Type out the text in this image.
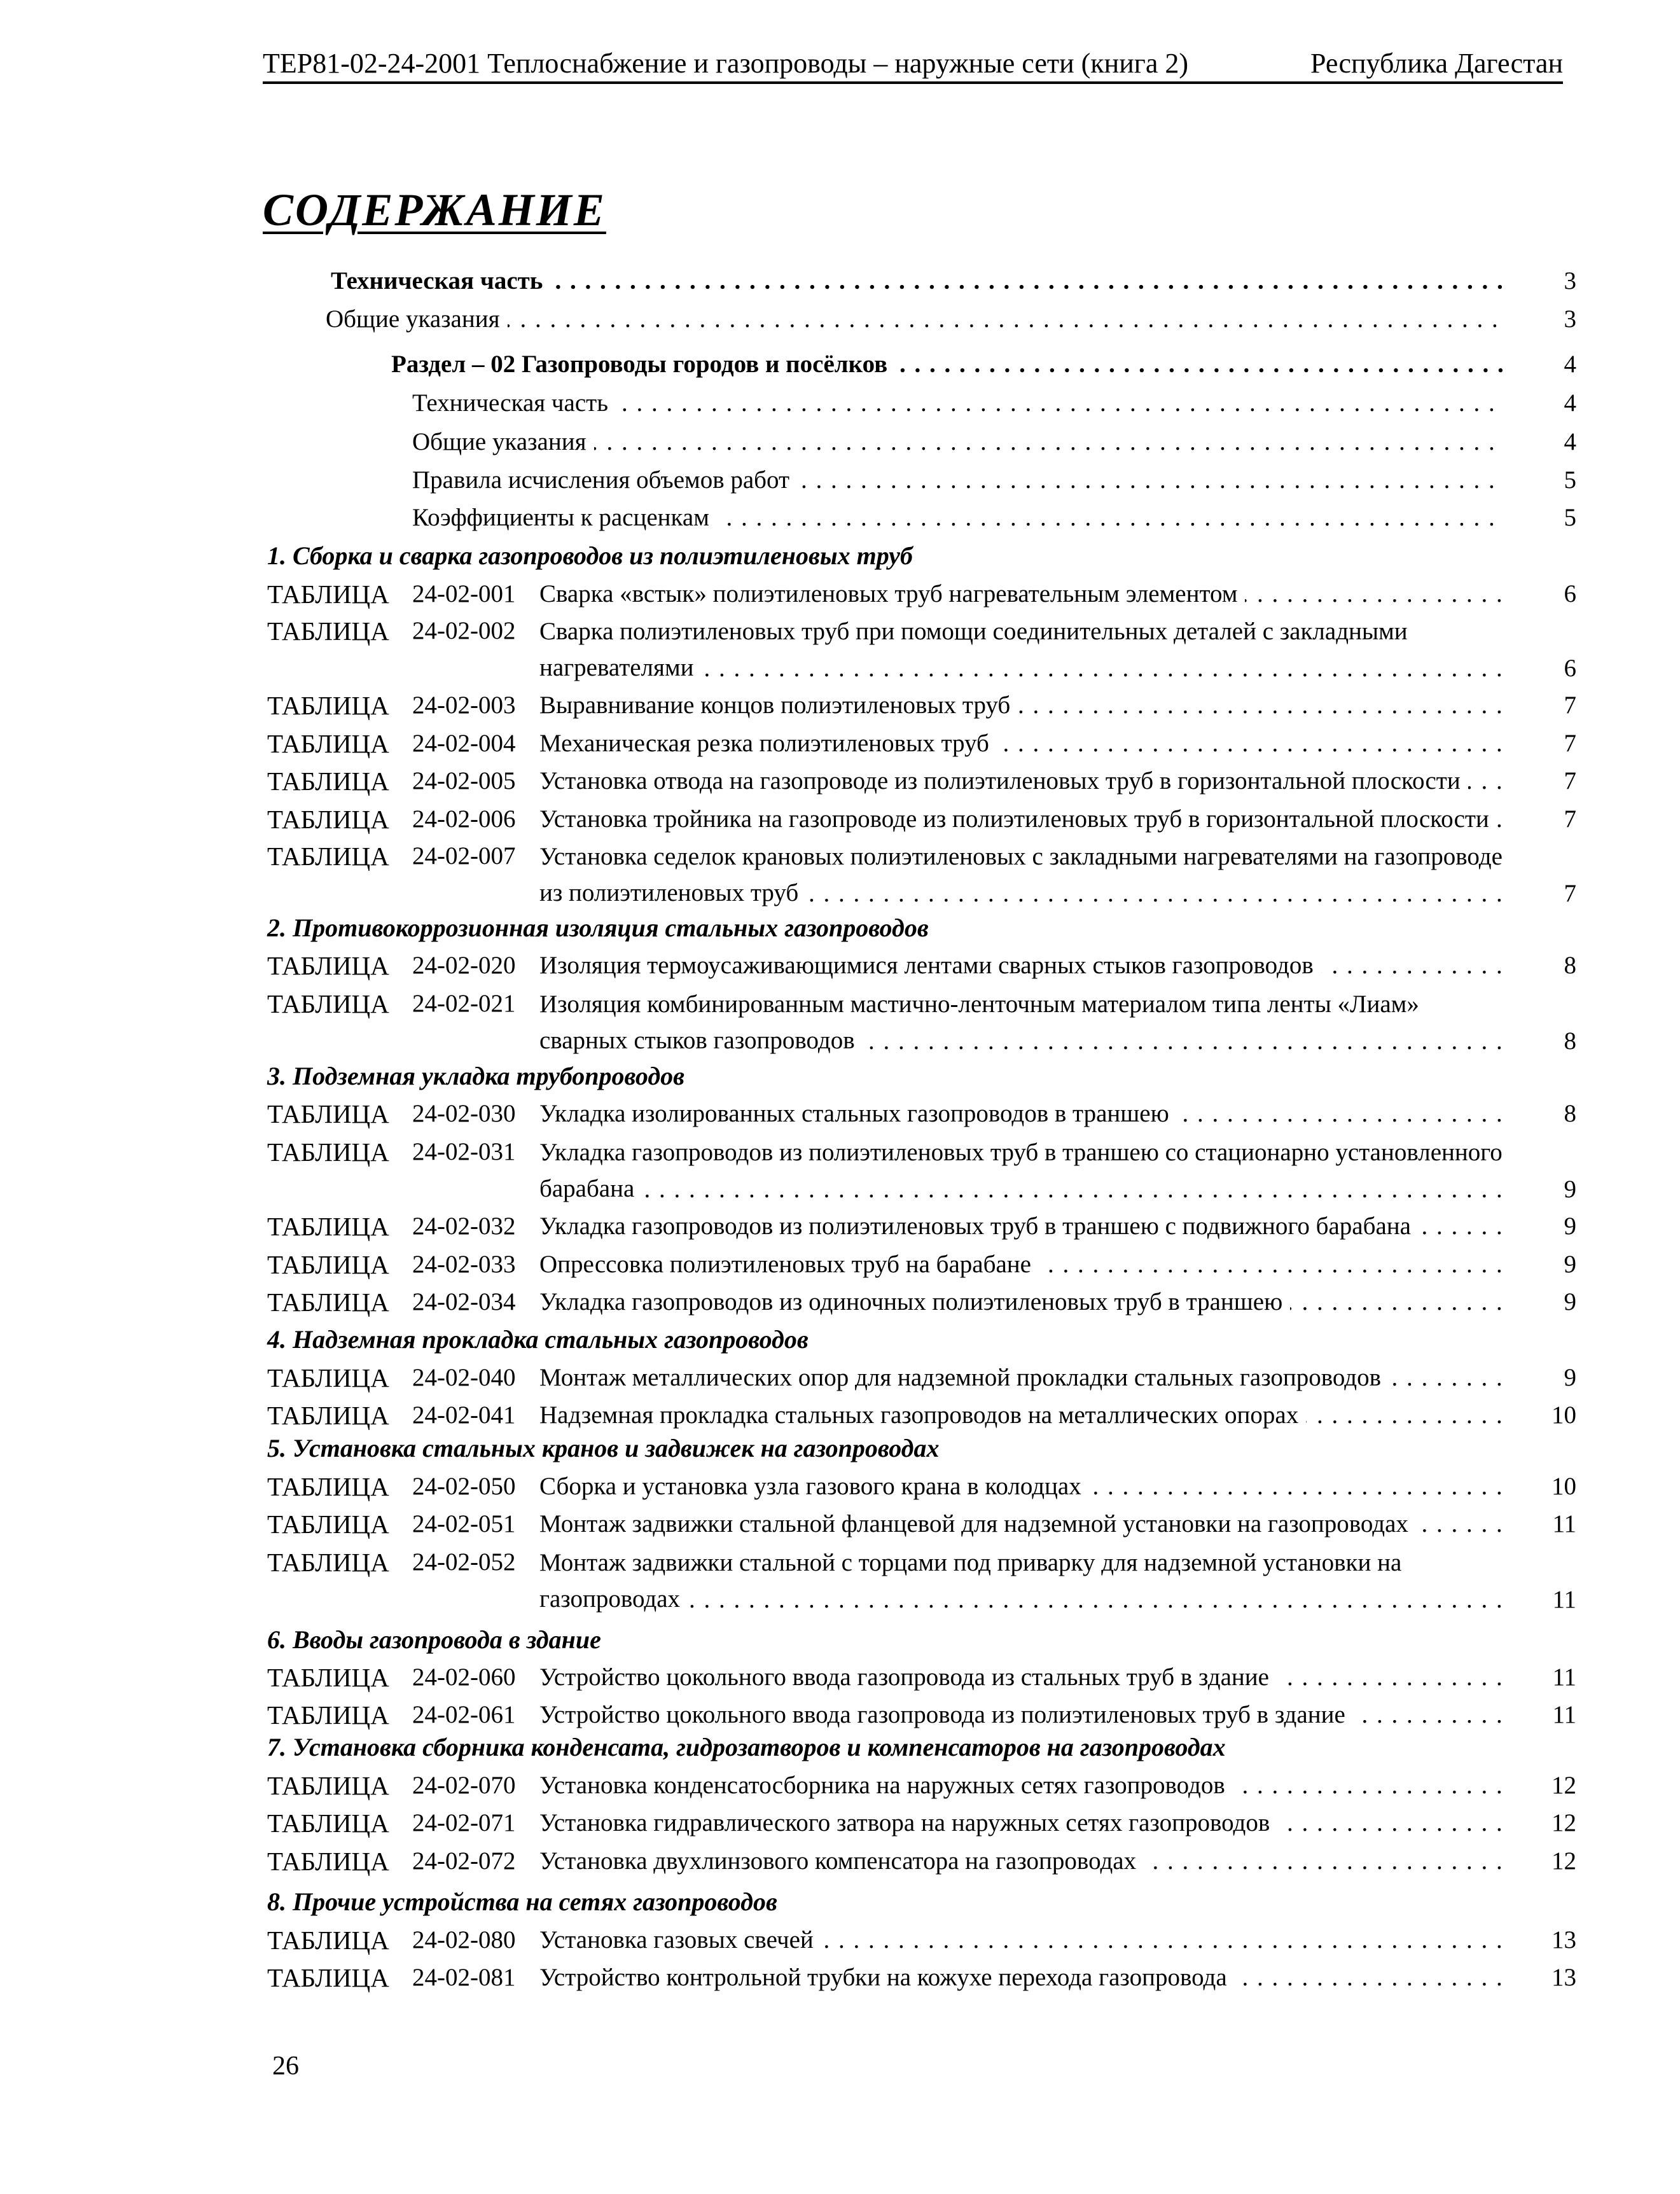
ТЕР81-02-24-2001 Теплоснабжение и газопроводы – наружные сети (книга 2)	Республика Дагестан
СОДЕРЖАНИЕ
. . .
Техническая часть	3
. . .
Общие указания	3
. . .
Раздел – 02 Газопроводы городов и посёлков	4
. . .
Техническая часть	4
. . .
Общие указания	4
. . .
Правила исчисления объемов работ	5
. . .
Коэффициенты к расценкам	5
1. Сборка и сварка газопроводов из полиэтиленовых труб
ТАБЛИЦА 24-02-001 . . . Сварка «встык» полиэтиленовых труб нагревательным элементом	6
ТАБЛИЦА 24-02-002 Сварка полиэтиленовых труб при помощи соединительных деталей с закладными нагревателями . . .	6
ТАБЛИЦА 24-02-003 . . . Выравнивание концов полиэтиленовых труб	7
ТАБЛИЦА 24-02-004 . . . Механическая резка полиэтиленовых труб	7
ТАБЛИЦА 24-02-005 . . . Установка отвода на газопроводе из полиэтиленовых труб в горизонтальной плоскости	7
ТАБЛИЦА 24-02-006 . . . Установка тройника на газопроводе из полиэтиленовых труб в горизонтальной плоскости	7
ТАБЛИЦА 24-02-007 Установка седелок крановых полиэтиленовых с закладными нагревателями на газопроводе из полиэтиленовых труб . . .	7
2. Противокоррозионная изоляция стальных газопроводов
ТАБЛИЦА 24-02-020 . . . Изоляция термоусаживающимися лентами сварных стыков газопроводов	8
ТАБЛИЦА 24-02-021 Изоляция комбинированным мастично-ленточным материалом типа ленты «Лиам» сварных стыков газопроводов . . .	8
3. Подземная укладка трубопроводов
ТАБЛИЦА 24-02-030 . . . Укладка изолированных стальных газопроводов в траншею	8
ТАБЛИЦА 24-02-031 Укладка газопроводов из полиэтиленовых труб в траншею со стационарно установленного барабана . . .	9
ТАБЛИЦА 24-02-032 . . . Укладка газопроводов из полиэтиленовых труб в траншею с подвижного барабана	9
ТАБЛИЦА 24-02-033 . . . Опрессовка полиэтиленовых труб на барабане	9
ТАБЛИЦА 24-02-034 . . . Укладка газопроводов из одиночных полиэтиленовых труб в траншею	9
4. Надземная прокладка стальных газопроводов
ТАБЛИЦА 24-02-040 . . . Монтаж металлических опор для надземной прокладки стальных газопроводов	9
ТАБЛИЦА 24-02-041 . . . Надземная прокладка стальных газопроводов на металлических опорах	10
5. Установка стальных кранов и задвижек на газопроводах
ТАБЛИЦА 24-02-050 . . . Сборка и установка узла газового крана в колодцах	10
ТАБЛИЦА 24-02-051 . . . Монтаж задвижки стальной фланцевой для надземной установки на газопроводах	11
ТАБЛИЦА 24-02-052 Монтаж задвижки стальной с торцами под приварку для надземной установки на газопроводах . . .	11
6. Вводы газопровода в здание
ТАБЛИЦА 24-02-060 . . . Устройство цокольного ввода газопровода из стальных труб в здание	11
ТАБЛИЦА 24-02-061 . . . Устройство цокольного ввода газопровода из полиэтиленовых труб в здание	11
7. Установка сборника конденсата, гидрозатворов и компенсаторов на газопроводах
ТАБЛИЦА 24-02-070 . . . Установка конденсатосборника на наружных сетях газопроводов	12
ТАБЛИЦА 24-02-071 . . . Установка гидравлического затвора на наружных сетях газопроводов	12
ТАБЛИЦА 24-02-072 . . . Установка двухлинзового компенсатора на газопроводах	12
8. Прочие устройства на сетях газопроводов
ТАБЛИЦА 24-02-080 . . . Установка газовых свечей	13
ТАБЛИЦА 24-02-081 . . . Устройство контрольной трубки на кожухе перехода газопровода	13
26
